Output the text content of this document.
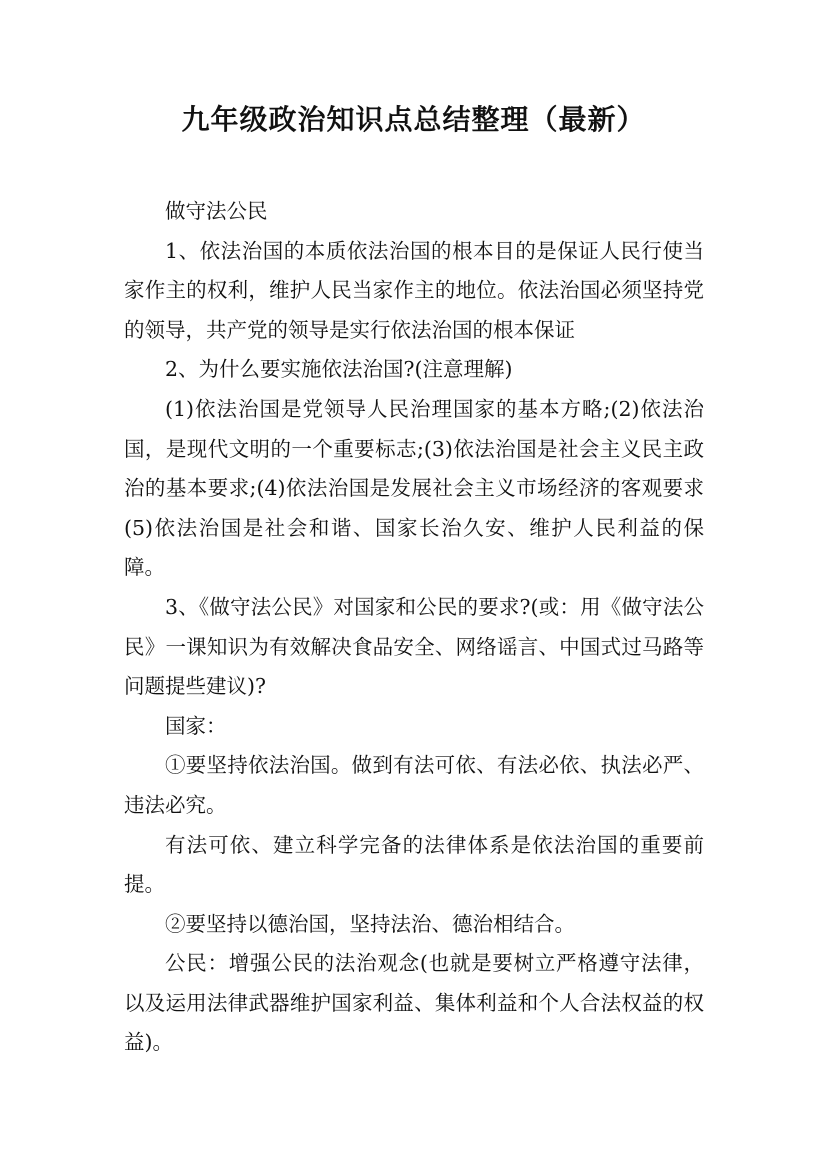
九年级政治知识点总结整理（最新）

做守法公民

1、依法治国的本质依法治国的根本目的是保证人民行使当家作主的权利，维护人民当家作主的地位。依法治国必须坚持党的领导，共产党的领导是实行依法治国的根本保证

2、为什么要实施依法治国?(注意理解)

(1)依法治国是党领导人民治理国家的基本方略;(2)依法治国，是现代文明的一个重要标志;(3)依法治国是社会主义民主政治的基本要求;(4)依法治国是发展社会主义市场经济的客观要求(5)依法治国是社会和谐、国家长治久安、维护人民利益的保障。

3、《做守法公民》对国家和公民的要求?(或：用《做守法公民》一课知识为有效解决食品安全、网络谣言、中国式过马路等问题提些建议)?

国家：

①要坚持依法治国。做到有法可依、有法必依、执法必严、违法必究。

有法可依、建立科学完备的法律体系是依法治国的重要前提。

②要坚持以德治国，坚持法治、德治相结合。

公民：增强公民的法治观念(也就是要树立严格遵守法律，以及运用法律武器维护国家利益、集体利益和个人合法权益的权益)。
